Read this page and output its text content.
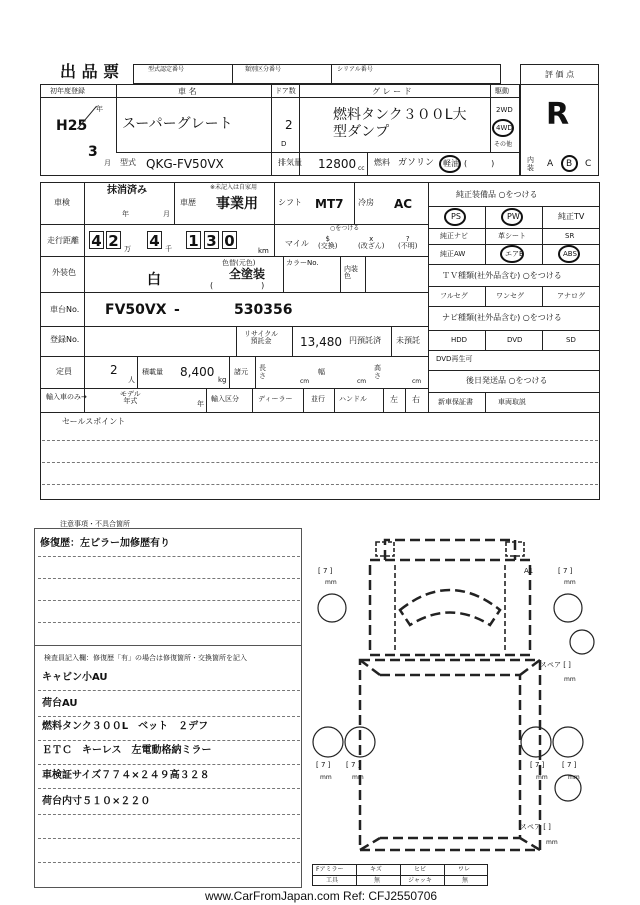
出 品 票	型式認定番号	類別区分番号	シリアル番号
評 価 点
R
初年度登録
H25
年
3
月
車 名
スーパーグレート
ドア数
2
D
グ レ ー ド
燃料タンク３００L大
型ダンプ
駆動
2WD
4WD
その他
型式 QKG-FV50VX	排気量 12800 cc
燃料 ガソリン 軽油 (　　　)	内装 A B C
車検
抹消済み
年	月
車歴
※未記入は自家用
事業用	シフト MT7 冷房 AC
走行距離 4 2 万 4 千 1 3 0
km
マイル
○をつける
$
(交換)
x
(改ざん)
?
(不明)
外装色	白
色替(元色)
全塗装
(　　　　　　)
カラーNo.
内装
色
車台No. FV50VX -	530356
登録No.
リサイクル
預託金	13,480 円預託済 未預託
定員	2
人
積載量 8,400
kg
諸元 長さ
cm
幅
cm
高さ
cm
輸入車のみ→	モデル
年式	年
輸入区分	ディーラー	並行 ハンドル	左 右
セールスポイント
純正装備品 ○をつける
PS	PW	純正TV
純正ナビ	革シート	SR
純正AW	エアB	ABS
ＴＶ種類(社外品含む) ○をつける
フルセグ	ワンセグ	アナログ
ナビ種類(社外品含む) ○をつける
HDD	DVD	SD
DVD再生可
後日発送品 ○をつける
新車保証書	車両取説
注意事項・不具合箇所
修復歴：左ピラー加修歴有り
検査員記入欄：修復歴「有」の場合は修復箇所・交換箇所を記入
キャビン小AU
荷台AU
燃料タンク３００L　ベット　２デフ
ＥＴＣ　キーレス　左電動格納ミラー
車検証サイズ７７４×２４９高３２８
荷台内寸５１０×２２０
[ 7 ]
mm
A1	[ 7 ]
mm
スペア [ ]
mm
[ 7 ]
mm
[ 7 ]
mm
[ 7 ]
mm
[ 7 ]
mm
スペア [ ]
mm
Fアミラー	キズ	ヒビ	ワレ
工具	無	ジャッキ	無
www.CarFromJapan.com Ref: CFJ2550706
